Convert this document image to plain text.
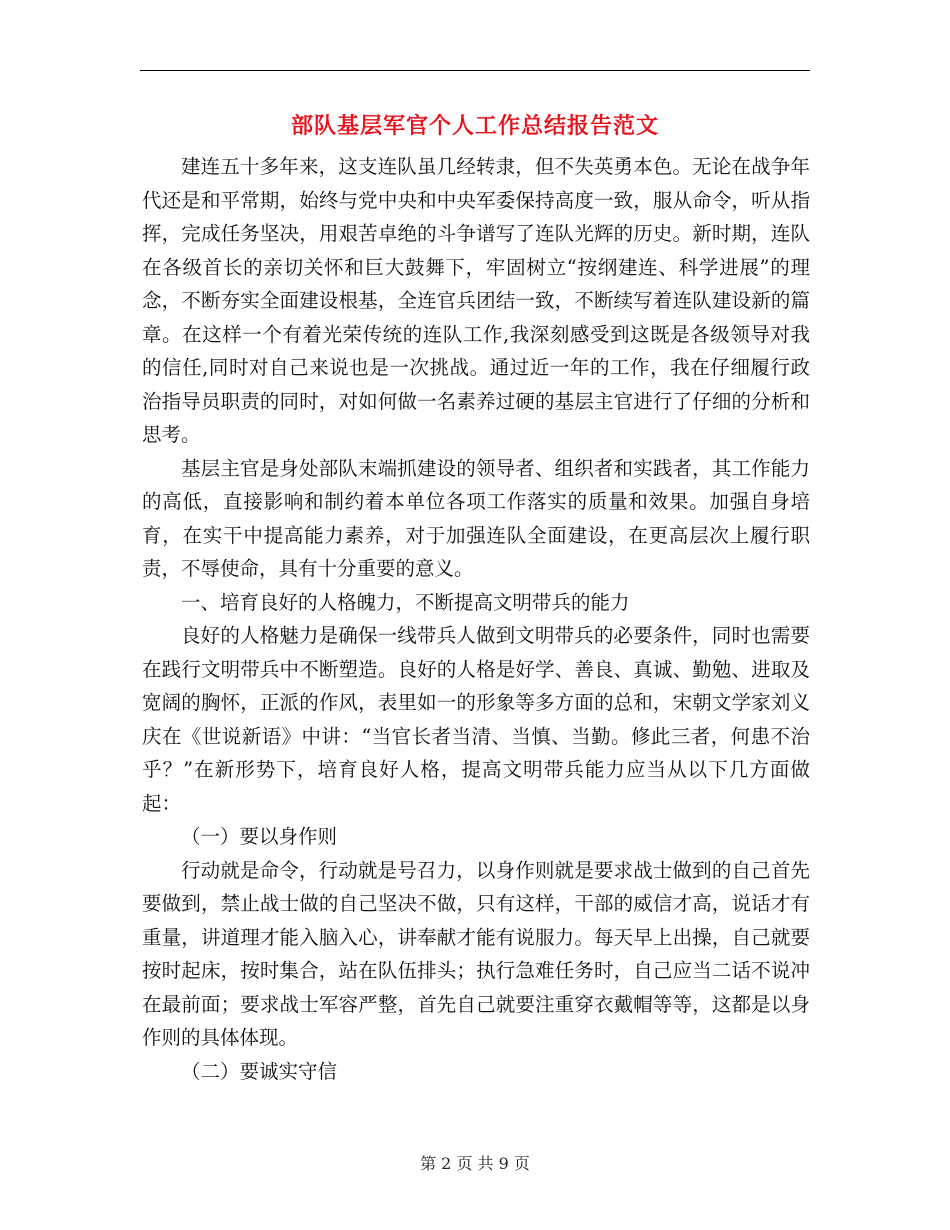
部队基层军官个人工作总结报告范文

建连五十多年来，这支连队虽几经转隶，但不失英勇本色。无论在战争年代还是和平常期，始终与党中央和中央军委保持高度一致，服从命令，听从指挥，完成任务坚决，用艰苦卓绝的斗争谱写了连队光辉的历史。新时期，连队在各级首长的亲切关怀和巨大鼓舞下，牢固树立“按纲建连、科学进展”的理念，不断夯实全面建设根基，全连官兵团结一致，不断续写着连队建设新的篇章。在这样一个有着光荣传统的连队工作,我深刻感受到这既是各级领导对我的信任,同时对自己来说也是一次挑战。通过近一年的工作，我在仔细履行政治指导员职责的同时，对如何做一名素养过硬的基层主官进行了仔细的分析和思考。

基层主官是身处部队末端抓建设的领导者、组织者和实践者，其工作能力的高低，直接影响和制约着本单位各项工作落实的质量和效果。加强自身培育，在实干中提高能力素养，对于加强连队全面建设，在更高层次上履行职责，不辱使命，具有十分重要的意义。

一、培育良好的人格魄力，不断提高文明带兵的能力

良好的人格魅力是确保一线带兵人做到文明带兵的必要条件，同时也需要在践行文明带兵中不断塑造。良好的人格是好学、善良、真诚、勤勉、进取及宽阔的胸怀，正派的作风，表里如一的形象等多方面的总和，宋朝文学家刘义庆在《世说新语》中讲：“当官长者当清、当慎、当勤。修此三者，何患不治乎？”在新形势下，培育良好人格，提高文明带兵能力应当从以下几方面做起：

（一）要以身作则

行动就是命令，行动就是号召力，以身作则就是要求战士做到的自己首先要做到，禁止战士做的自己坚决不做，只有这样，干部的威信才高，说话才有重量，讲道理才能入脑入心，讲奉献才能有说服力。每天早上出操，自己就要按时起床，按时集合，站在队伍排头；执行急难任务时，自己应当二话不说冲在最前面；要求战士军容严整，首先自己就要注重穿衣戴帽等等，这都是以身作则的具体体现。

（二）要诚实守信

第 2 页 共 9 页
